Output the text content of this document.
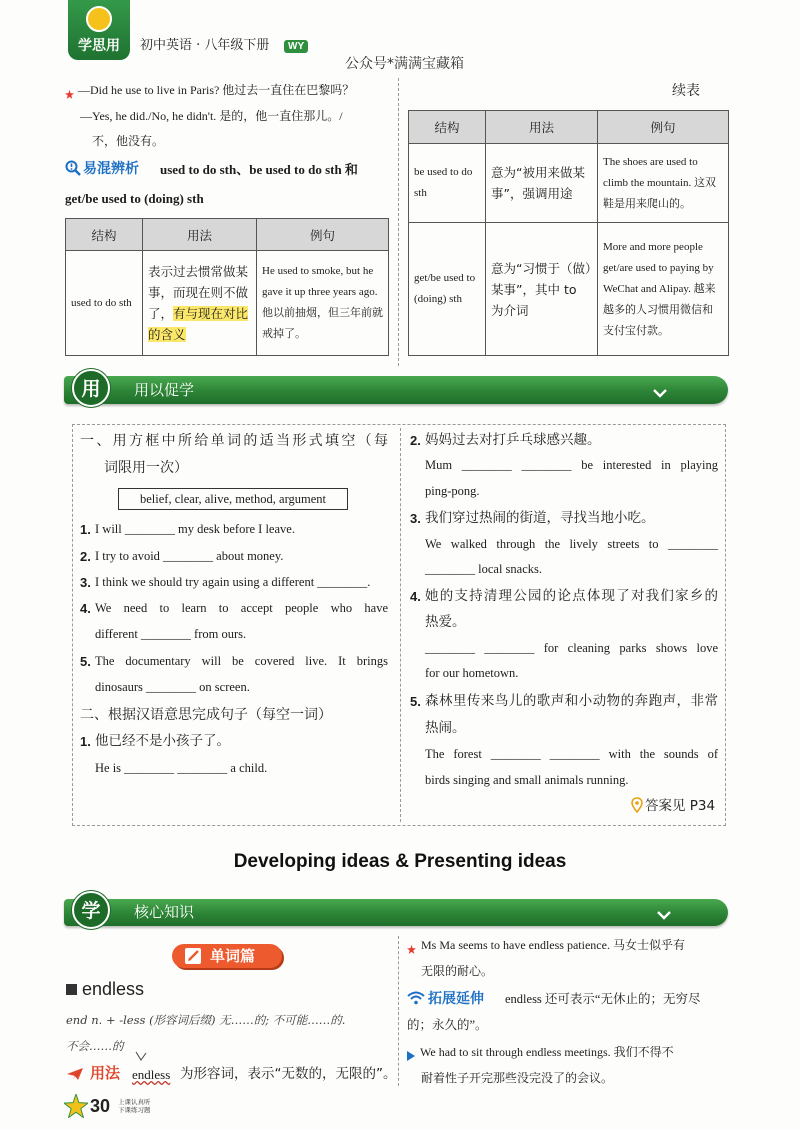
学思用	初中英语 · 八年级下册	WY
公众号*满满宝藏箱
—Did he use to live in Paris? 他过去一直住在巴黎吗？
—Yes, he did./No, he didn't. 是的，他一直住那儿。/
不，他没有。
易混辨析 used to do sth、be used to do sth 和
get/be used to (doing) sth
结构	用法	例句
used to do sth	表示过去惯常做某事，而现在则不做了，有与现在对比的含义	He used to smoke, but he gave it up three years ago. 他以前抽烟，但三年前就戒掉了。
续表
结构	用法	例句
be used to do sth	意为“被用来做某事”，强调用途	The shoes are used to climb the mountain. 这双鞋是用来爬山的。
get/be used to (doing) sth	意为“习惯于（做）某事”，其中 to 为介词	More and more people get/are used to paying by WeChat and Alipay. 越来越多的人习惯用微信和支付宝付款。
用	用以促学
一、用方框中所给单词的适当形式填空（每
词限用一次）
belief, clear, alive, method, argument
1. I will ________ my desk before I leave.
2. I try to avoid ________ about money.
3. I think we should try again using a different ________.
4. We need to learn to accept people who have
different ________ from ours.
5. The documentary will be covered live. It brings
dinosaurs ________ on screen.
二、根据汉语意思完成句子（每空一词）
1. 他已经不是小孩子了。
He is ________ ________ a child.
2. 妈妈过去对打乒乓球感兴趣。
Mum ________ ________ be interested in playing
ping-pong.
3. 我们穿过热闹的街道，寻找当地小吃。
We walked through the lively streets to ________
________ local snacks.
4. 她的支持清理公园的论点体现了对我们家乡的
热爱。
________ ________ for cleaning parks shows love
for our hometown.
5. 森林里传来鸟儿的歌声和小动物的奔跑声，非常
热闹。
The forest ________ ________ with the sounds of
birds singing and small animals running.
答案见 P34
Developing ideas & Presenting ideas
学	核心知识
单词篇
endless
end n. + -less (形容词后缀) 无……的; 不可能……的.
不会……的
用法 endless 为形容词，表示“无数的，无限的”。
Ms Ma seems to have endless patience. 马女士似乎有
无限的耐心。
拓展延伸 endless 还可表示“无休止的；无穷尽
的；永久的”。
We had to sit through endless meetings. 我们不得不
耐着性子开完那些没完没了的会议。
30 上课认真听
下课练习题
